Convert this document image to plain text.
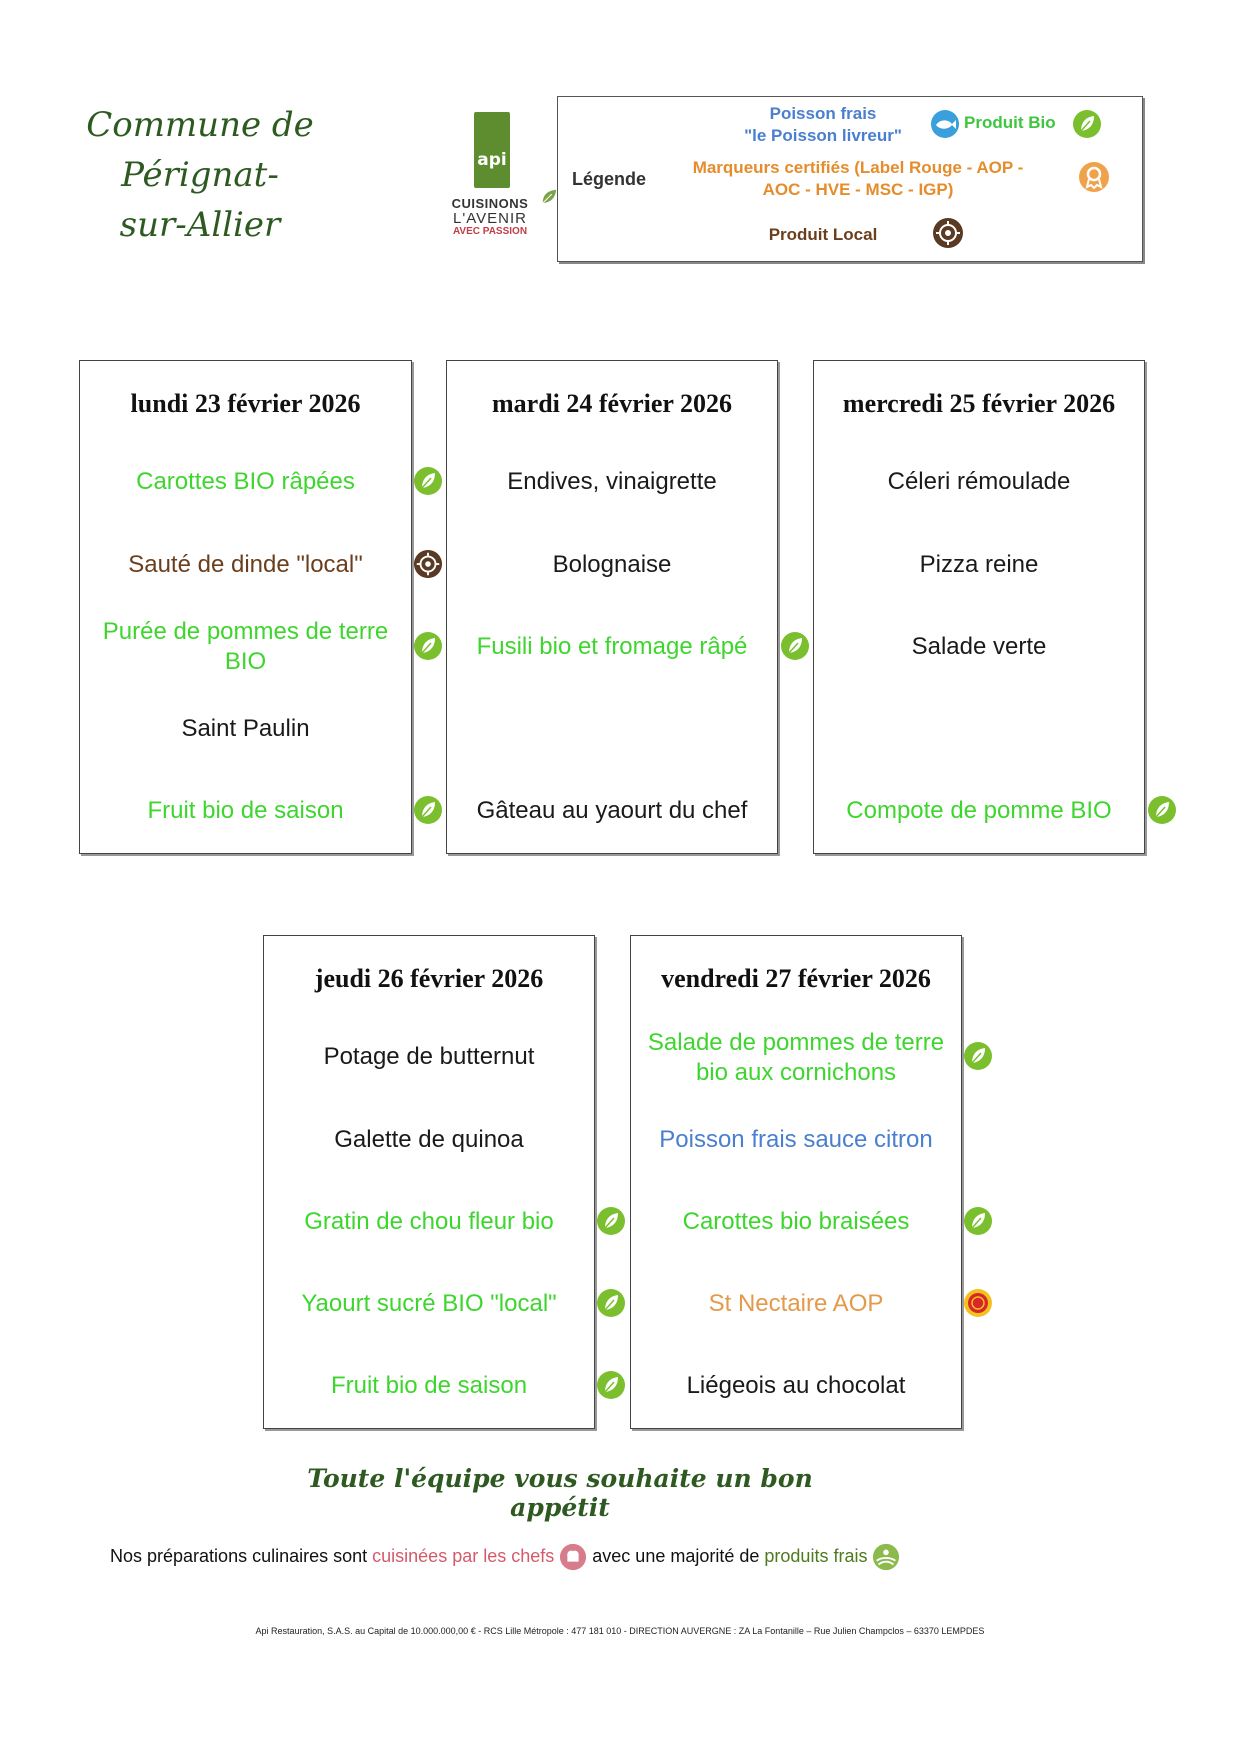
Commune de Pérignat-
sur-Allier
api
CUISINONS
L'AVENIR
AVEC PASSION
Légende
Poisson frais
"le Poisson livreur"
Produit Bio
Marqueurs certifiés (Label Rouge - AOP -
AOC - HVE - MSC - IGP)
Produit Local
lundi 23 février 2026
Carottes BIO râpées
Sauté de dinde "local"
Purée de pommes de terre BIO
Saint Paulin
Fruit bio de saison
mardi 24 février 2026
Endives, vinaigrette
Bolognaise
Fusili bio et fromage râpé
Gâteau au yaourt du chef
mercredi 25 février 2026
Céleri rémoulade
Pizza reine
Salade verte
Compote de pomme BIO
jeudi 26 février 2026
Potage de butternut
Galette de quinoa
Gratin de chou fleur bio
Yaourt sucré BIO "local"
Fruit bio de saison
vendredi 27 février 2026
Salade de pommes de terre bio aux cornichons
Poisson frais sauce citron
Carottes bio braisées
St Nectaire AOP
Liégeois au chocolat
Toute l'équipe vous souhaite un bon appétit
Nos préparations culinaires sont cuisinées par les chefs avec une majorité de produits frais
Api Restauration, S.A.S. au Capital de 10.000.000,00 € - RCS Lille Métropole : 477 181 010 - DIRECTION AUVERGNE : ZA La Fontanille – Rue Julien Champclos – 63370 LEMPDES
